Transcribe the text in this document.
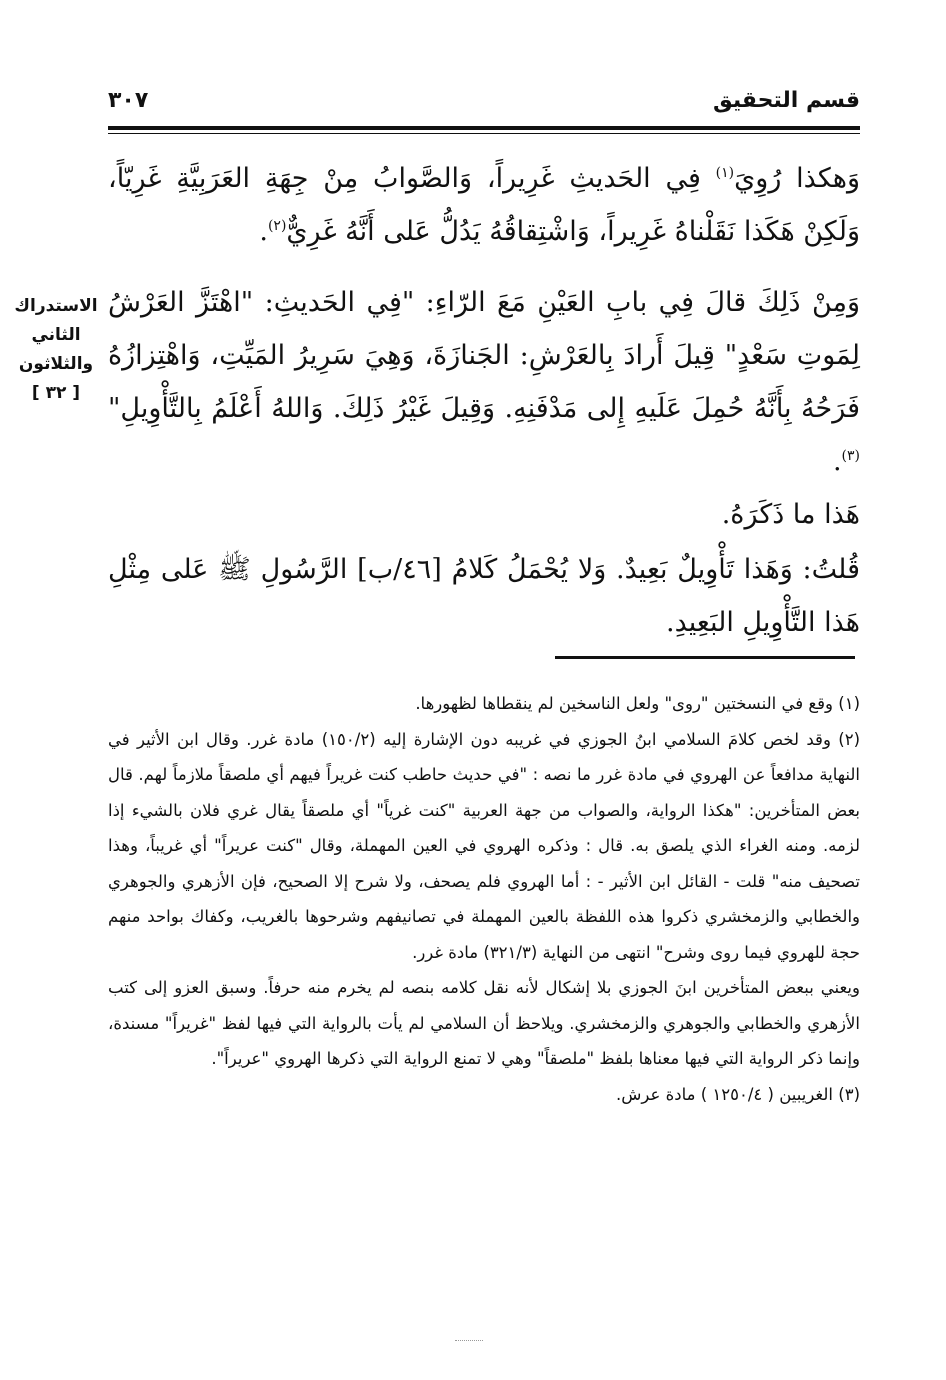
قسم التحقيق
٣٠٧
الاستدراك
الثاني
والثلاثون
[ ٣٢ ]

وَهكذا رُوِيَ$^{(١)}$ فِي الحَديثِ غَرِيراً، وَالصَّوابُ مِنْ جِهَةِ العَرَبِيَّةِ غَرِيّاً، وَلَكِنْ هَكَذا نَقَلْناهُ غَرِيراً، وَاشْتِقاقُهُ يَدُلُّ عَلى أَنَّهُ غَرِيٌّ$^{(٢)}$.

وَمِنْ ذَلِكَ قالَ فِي بابِ العَيْنِ مَعَ الرّاءِ: "فِي الحَديثِ: "اهْتَزَّ العَرْشُ لِمَوتِ سَعْدٍ" قِيلَ أَرادَ بِالعَرْشِ: الجَنازَةَ، وَهِيَ سَرِيرُ المَيِّتِ، وَاهْتِزازُهُ فَرَحُهُ بِأَنَّهُ حُمِلَ عَلَيهِ إِلى مَدْفَنِهِ. وَقِيلَ غَيْرُ ذَلِكَ. وَاللهُ أَعْلَمُ بِالتَّأْوِيلِ"$^{(٣)}$.

هَذا ما ذَكَرَهُ.

قُلتُ: وَهَذا تَأْوِيلٌ بَعِيدٌ. وَلا يُحْمَلُ كَلامُ [٤٦/ب] الرَّسُولِ ﷺ عَلى مِثْلِ هَذا التَّأْوِيلِ البَعِيدِ.

(١) وقع في النسختين "روى" ولعل الناسخين لم ينقطاها لظهورها.

(٢) وقد لخص كلامَ السلامي ابنُ الجوزي في غريبه دون الإشارة إليه (١٥٠/٢) مادة غرر. وقال ابن الأثير في النهاية مدافعاً عن الهروي في مادة غرر ما نصه : "في حديث حاطب كنت غريراً فيهم أي ملصقاً ملازماً لهم. قال بعض المتأخرين: "هكذا الرواية، والصواب من جهة العربية "كنت غرياً" أي ملصقاً يقال غري فلان بالشيء إذا لزمه. ومنه الغراء الذي يلصق به. قال : وذكره الهروي في العين المهملة، وقال "كنت عريراً" أي غريباً، وهذا تصحيف منه" قلت - القائل ابن الأثير - : أما الهروي فلم يصحف، ولا شرح إلا الصحيح، فإن الأزهري والجوهري والخطابي والزمخشري ذكروا هذه اللفظة بالعين المهملة في تصانيفهم وشرحوها بالغريب، وكفاك بواحد منهم حجة للهروي فيما روى وشرح" انتهى من النهاية (٣٢١/٣) مادة غرر.

ويعني ببعض المتأخرين ابنَ الجوزي بلا إشكال لأنه نقل كلامه بنصه لم يخرم منه حرفاً. وسبق العزو إلى كتب الأزهري والخطابي والجوهري والزمخشري. ويلاحظ أن السلامي لم يأت بالرواية التي فيها لفظ "غريراً" مسندة، وإنما ذكر الرواية التي فيها معناها بلفظ "ملصقاً" وهي لا تمنع الرواية التي ذكرها الهروي "عريراً".

(٣) الغريبين ( ١٢٥٠/٤ ) مادة عرش.
